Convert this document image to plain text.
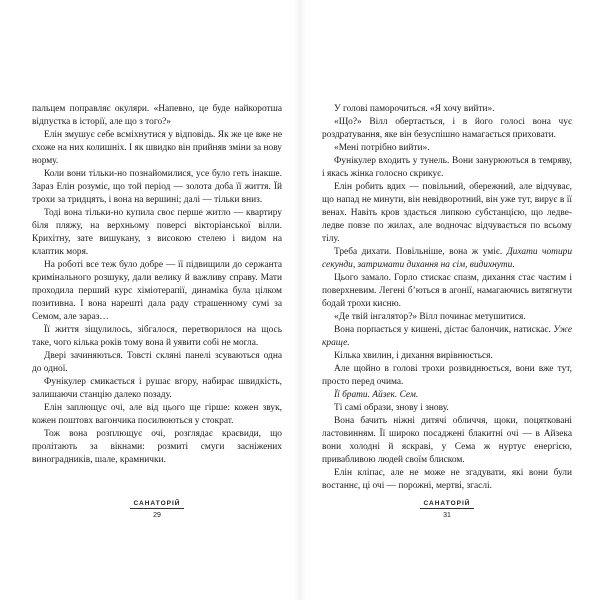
пальцем поправляє окуляри. «Напевно, це буде найкоротша відпустка в історії, але що з того?»

Елін змушує себе всміхнутися у відповідь. Як же це вже не схоже на них колишніх. І як швидко він прийняв зміни за нову норму.

Коли вони тільки-но познайомилися, усе було геть інакше. Зараз Елін розуміє, що той період — золота доба її життя. Їй трохи за тридцять, і вона на вершині; далі — тільки вниз.

Тоді вона тільки-но купила своє перше житло — квартиру біля пляжу, на верхньому поверсі вікторіанської вілли. Крихітну, зате вишукану, з високою стелею і видом на клаптик моря.

На роботі все теж було добре — її підвищили до сержанта кримінального розшуку, дали велику й важливу справу. Мати проходила перший курс хіміотерапії, динаміка була цілком позитивна. І вона нарешті дала раду страшенному сумі за Семом, але зараз…

Її життя зіщулилось, зібгалося, перетворилося на щось таке, чого кілька років тому вона й уявити собі не могла.

Двері зачиняються. Товсті скляні панелі зсуваються одна до одної.

Фунікулер смикається і рушає вгору, набирає швидкість, залишаючи станцію далеко позаду.

Елін заплющує очі, але від цього ще гірше: кожен звук, кожен поштовх вагончика посилюються у стократ.

Тож вона розплющує очі, розглядає краєвиди, що пролітають за вікнами: розмиті смуги засніжених виноградників, шале, крамнички.

САНАТОРІЙ
29

У голові паморочиться. «Я хочу вийти».

«Що?» Вілл обертається, і в його голосі вона чує роздратування, яке він безуспішно намагається приховати.

«Мені потрібно вийти».

Фунікулер входить у тунель. Вони занурюються в темряву, і якась жінка голосно скрикує.

Елін робить вдих — повільний, обережний, але відчуває, що напад не минути, він невідворотний, він уже тут, вирує в її венах. Навіть кров здається липкою субстанцією, що ледве-ледве повзе по жилах, але водночас відчувається по всьому тілу.

Треба дихати. Повільніше, вона ж уміє. Дихати чотири секунди, затримати дихання на сім, видихнути.

Цього замало. Горло стискає спазм, дихання стає частим і поверхневим. Легені б’ються в агонії, намагаючись витягнути бодай трохи кисню.

«Де твій інгалятор?» Вілл починає метушитися.

Вона порпається у кишені, дістає балончик, натискає. Уже краще.

Кілька хвилин, і дихання вирівнюється.

Але щойно в голові трохи розвиднюється, вони вже тут, просто перед очима.

Її брати. Айзек. Сем.

Ті самі образи, знову і знову.

Вона бачить ніжні дитячі обличчя, щоки, поцятковані ластовинням. Її широко посаджені блакитні очі — в Айзека вони холодні й яскраві, у Сема ж нуртує енергією, привабливою людей своїм блиском.

Елін кліпає, але не може не згадувати, які вони були востаннє, ці очі — порожні, мертві, згаслі.

САНАТОРІЙ
31
